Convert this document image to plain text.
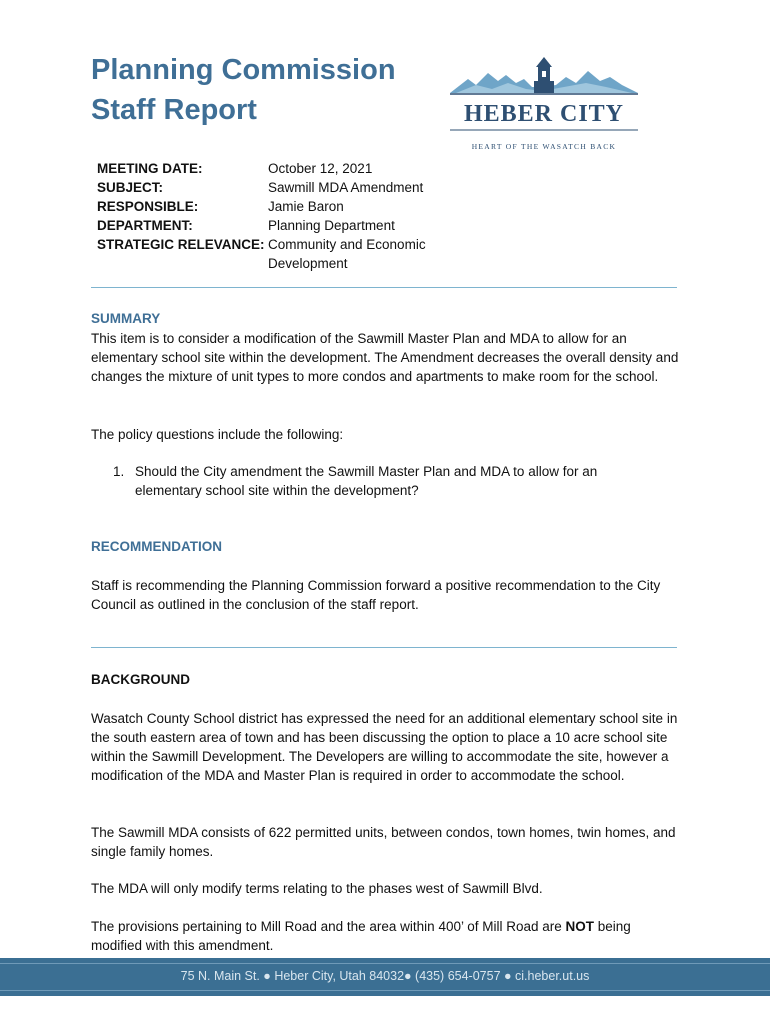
Planning Commission
Staff Report	HEBER CITY
HEART OF THE WASATCH BACK
MEETING DATE:	October 12, 2021
SUBJECT:	Sawmill MDA Amendment
RESPONSIBLE:	Jamie Baron
DEPARTMENT:	Planning Department
STRATEGIC RELEVANCE: Community and Economic
Development
SUMMARY

This item is to consider a modification of the Sawmill Master Plan and MDA to allow for an elementary school site within the development. The Amendment decreases the overall density and changes the mixture of unit types to more condos and apartments to make room for the school.

The policy questions include the following:

1. Should the City amendment the Sawmill Master Plan and MDA to allow for an elementary school site within the development?
RECOMMENDATION

Staff is recommending the Planning Commission forward a positive recommendation to the City Council as outlined in the conclusion of the staff report.

BACKGROUND

Wasatch County School district has expressed the need for an additional elementary school site in the south eastern area of town and has been discussing the option to place a 10 acre school site within the Sawmill Development. The Developers are willing to accommodate the site, however a modification of the MDA and Master Plan is required in order to accommodate the school.

The Sawmill MDA consists of 622 permitted units, between condos, town homes, twin homes, and single family homes.

The MDA will only modify terms relating to the phases west of Sawmill Blvd.

The provisions pertaining to Mill Road and the area within 400’ of Mill Road are NOT being modified with this amendment.

75 N. Main St. ● Heber City, Utah 84032● (435) 654-0757 ● ci.heber.ut.us
